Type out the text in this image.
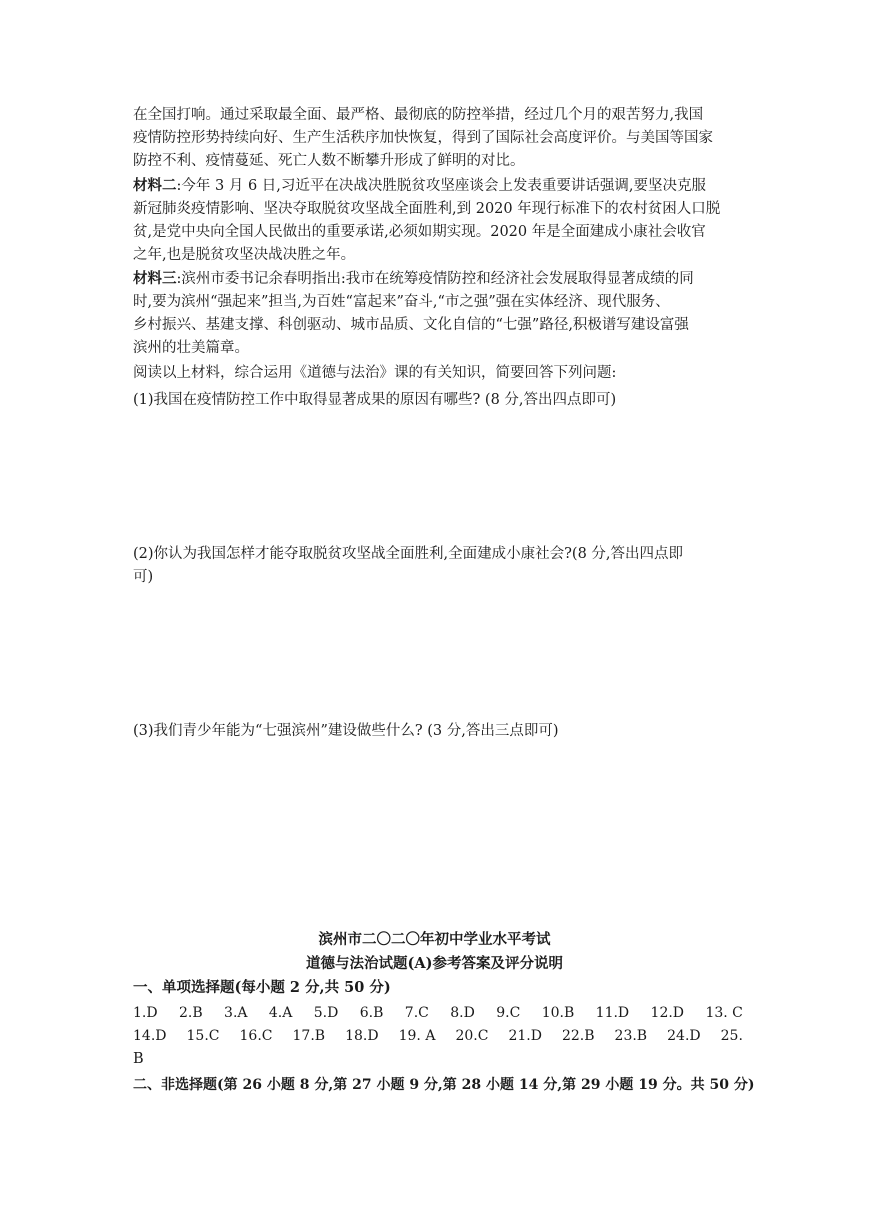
在全国打响。通过采取最全面、最严格、最彻底的防控举措，经过几个月的艰苦努力,我国
疫情防控形势持续向好、生产生活秩序加快恢复，得到了国际社会高度评价。与美国等国家
防控不利、疫情蔓延、死亡人数不断攀升形成了鲜明的对比。
材料二:今年 3 月 6 日,习近平在决战决胜脱贫攻坚座谈会上发表重要讲话强调,要坚决克服
新冠肺炎疫情影响、坚决夺取脱贫攻坚战全面胜利,到 2020 年现行标准下的农村贫困人口脱
贫,是党中央向全国人民做出的重要承诺,必须如期实现。2020 年是全面建成小康社会收官
之年,也是脱贫攻坚决战决胜之年。
材料三:滨州市委书记余春明指出:我市在统筹疫情防控和经济社会发展取得显著成绩的同
时,要为滨州“强起来”担当,为百姓“富起来”奋斗,“市之强”强在实体经济、现代服务、
乡村振兴、基建支撑、科创驱动、城市品质、文化自信的“七强”路径,积极谱写建设富强
滨州的壮美篇章。
阅读以上材料，综合运用《道德与法治》课的有关知识，简要回答下列问题:
(1)我国在疫情防控工作中取得显著成果的原因有哪些? (8 分,答出四点即可)
(2)你认为我国怎样才能夺取脱贫攻坚战全面胜利,全面建成小康社会?(8 分,答出四点即
可)
(3)我们青少年能为“七强滨州”建设做些什么? (3 分,答出三点即可)
滨州市二〇二〇年初中学业水平考试
道德与法治试题(A)参考答案及评分说明
一、单项选择题(每小题 2 分,共 50 分)
1.D 2.B 3.A 4.A 5.D 6.B 7.C 8.D 9.C 10.B 11.D 12.D 13. C
14.D 15.C 16.C 17.B 18.D 19. A 20.C 21.D 22.B 23.B 24.D 25.
B
二、非选择题(第 26 小题 8 分,第 27 小题 9 分,第 28 小题 14 分,第 29 小题 19 分。共 50 分)
